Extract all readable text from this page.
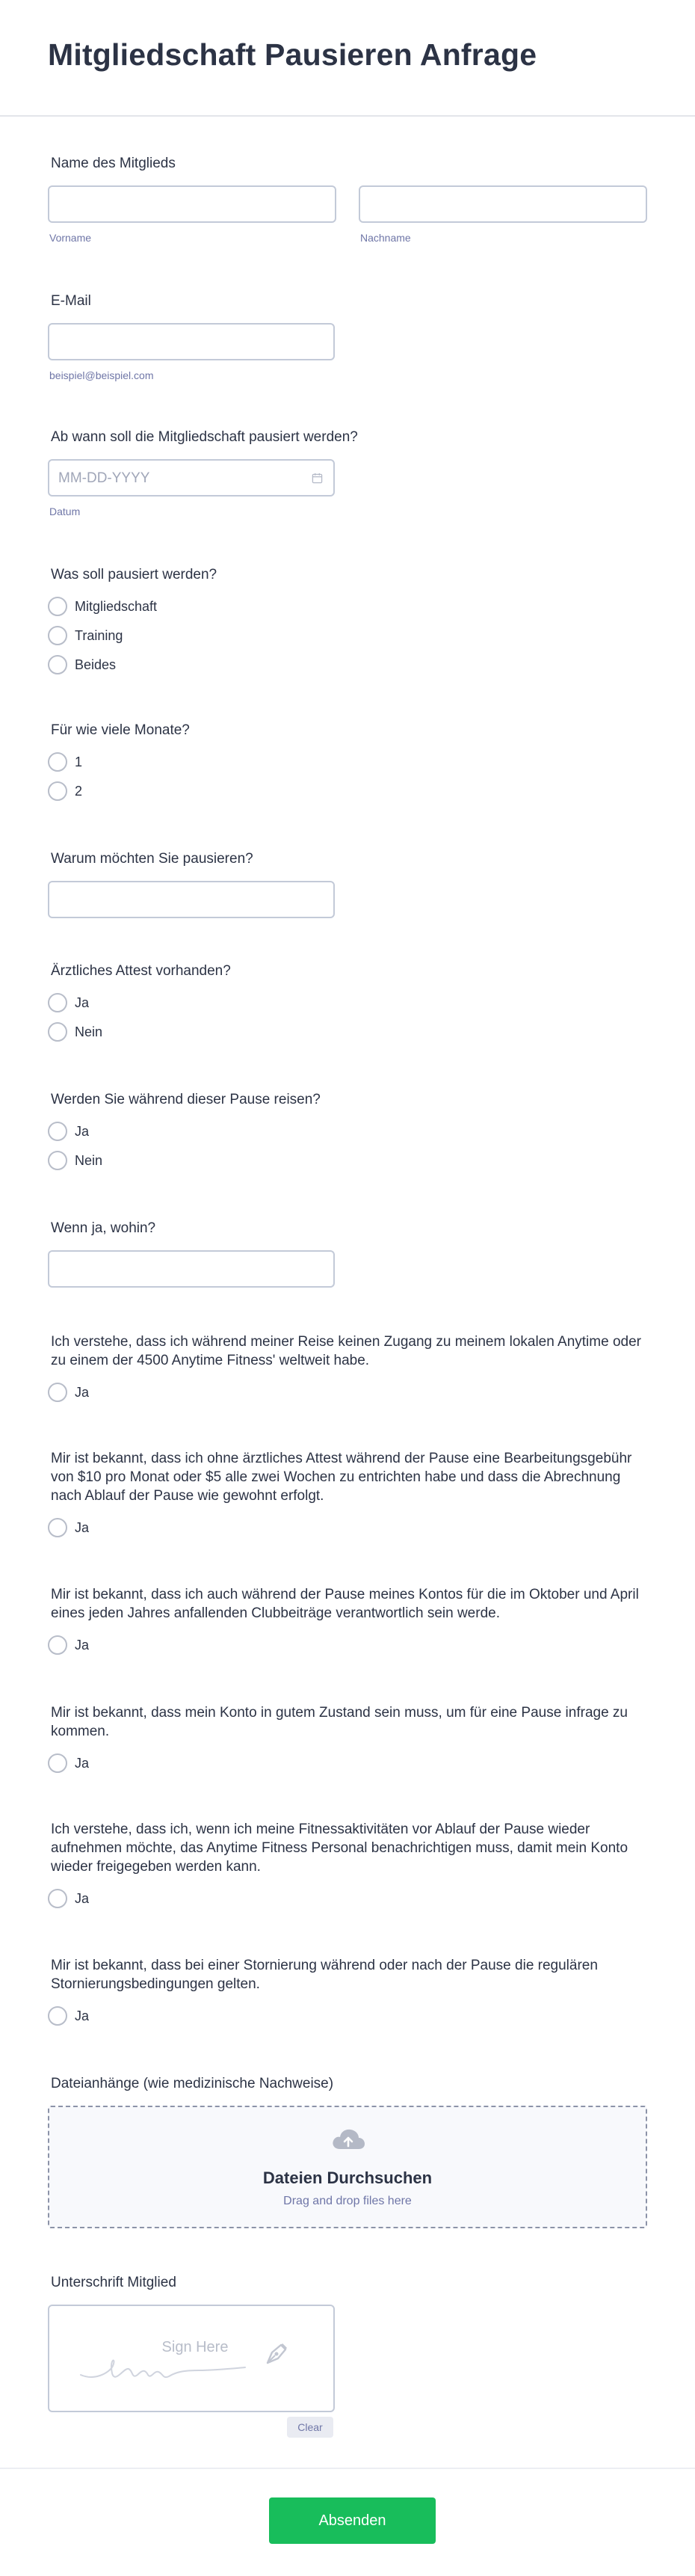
Mitgliedschaft Pausieren Anfrage
Name des Mitglieds
Vorname	Nachname
E-Mail
beispiel@beispiel.com
Ab wann soll die Mitgliedschaft pausiert werden?
MM-DD-YYYY
Datum
Was soll pausiert werden?
Mitgliedschaft
Training
Beides
Für wie viele Monate?
1
2
Warum möchten Sie pausieren?
Ärztliches Attest vorhanden?
Ja
Nein
Werden Sie während dieser Pause reisen?
Ja
Nein
Wenn ja, wohin?
Ich verstehe, dass ich während meiner Reise keinen Zugang zu meinem lokalen Anytime oder zu einem der 4500 Anytime Fitness' weltweit habe.
Ja
Mir ist bekannt, dass ich ohne ärztliches Attest während der Pause eine Bearbeitungsgebühr von $10 pro Monat oder $5 alle zwei Wochen zu entrichten habe und dass die Abrechnung nach Ablauf der Pause wie gewohnt erfolgt.
Ja
Mir ist bekannt, dass ich auch während der Pause meines Kontos für die im Oktober und April eines jeden Jahres anfallenden Clubbeiträge verantwortlich sein werde.
Ja
Mir ist bekannt, dass mein Konto in gutem Zustand sein muss, um für eine Pause infrage zu kommen.
Ja
Ich verstehe, dass ich, wenn ich meine Fitnessaktivitäten vor Ablauf der Pause wieder aufnehmen möchte, das Anytime Fitness Personal benachrichtigen muss, damit mein Konto wieder freigegeben werden kann.
Ja
Mir ist bekannt, dass bei einer Stornierung während oder nach der Pause die regulären Stornierungsbedingungen gelten.
Ja
Dateianhänge (wie medizinische Nachweise)
Dateien Durchsuchen
Drag and drop files here
Unterschrift Mitglied
Sign Here
Clear
Absenden
